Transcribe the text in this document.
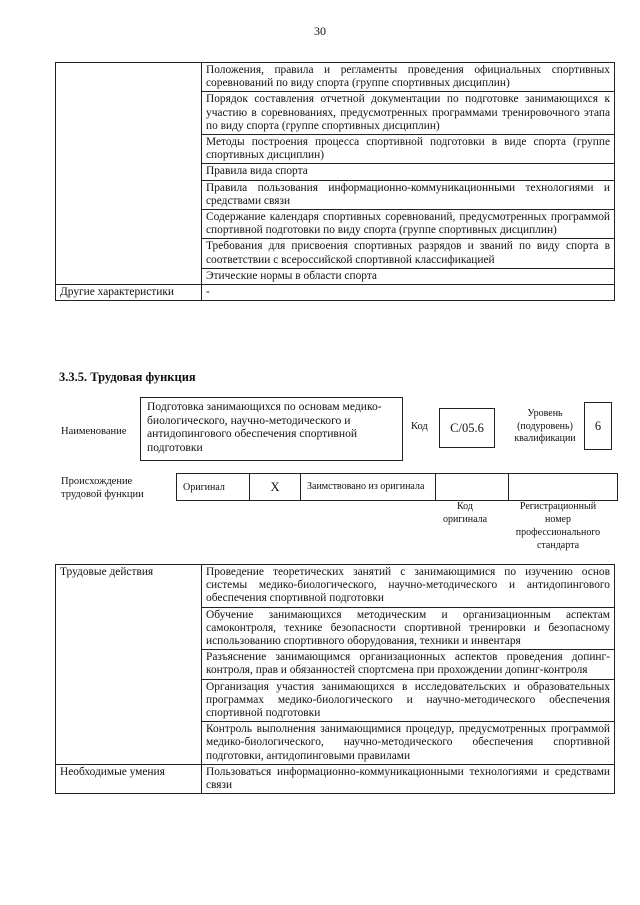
30
	Положения, правила и регламенты проведения официальных спортивных соревнований по виду спорта (группе спортивных дисциплин)
	Порядок составления отчетной документации по подготовке занимающихся к участию в соревнованиях, предусмотренных программами тренировочного этапа по виду спорта (группе спортивных дисциплин)
	Методы построения процесса спортивной подготовки в виде спорта (группе спортивных дисциплин)
	Правила вида спорта
	Правила пользования информационно-коммуникационными технологиями и средствами связи
	Содержание календаря спортивных соревнований, предусмотренных программой спортивной подготовки по виду спорта (группе спортивных дисциплин)
	Требования для присвоения спортивных разрядов и званий по виду спорта в соответствии с всероссийской спортивной классификацией
	Этические нормы в области спорта
Другие характеристики	-
3.3.5. Трудовая функция
Наименование
Подготовка занимающихся по основам медико-биологического, научно-методического и антидопингового обеспечения спортивной подготовки
Код	C/05.6
Уровень (подуровень) квалификации
6
Происхождение трудовой функции
Оригинал	X	Заимствовано из оригинала		
Код оригинала
Регистрационный номер профессионального стандарта
Трудовые действия	Проведение теоретических занятий с занимающимися по изучению основ системы медико-биологического, научно-методического и антидопингового обеспечения спортивной подготовки
	Обучение занимающихся методическим и организационным аспектам самоконтроля, технике безопасности спортивной тренировки и безопасному использованию спортивного оборудования, техники и инвентаря
	Разъяснение занимающимся организационных аспектов проведения допинг-контроля, прав и обязанностей спортсмена при прохождении допинг-контроля
	Организация участия занимающихся в исследовательских и образовательных программах медико-биологического и научно-методического обеспечения спортивной подготовки
	Контроль выполнения занимающимися процедур, предусмотренных программой медико-биологического, научно-методического обеспечения спортивной подготовки, антидопинговыми правилами
Необходимые умения	Пользоваться информационно-коммуникационными технологиями и средствами связи
